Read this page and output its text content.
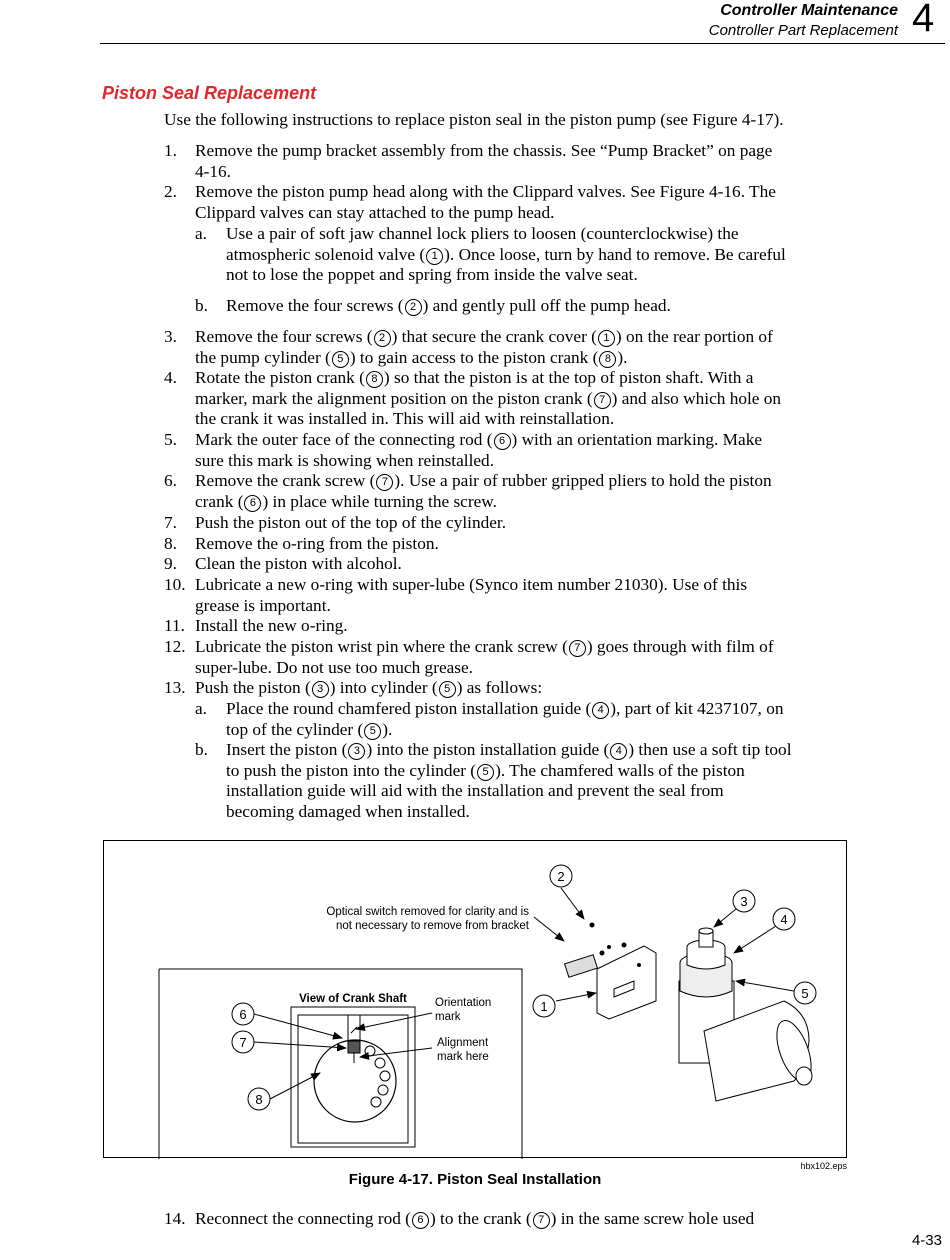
Controller Maintenance
Controller Part Replacement 4
Piston Seal Replacement
Use the following instructions to replace piston seal in the piston pump (see Figure 4-17).
1. Remove the pump bracket assembly from the chassis. See “Pump Bracket” on page
4-16.
2. Remove the piston pump head along with the Clippard valves. See Figure 4-16. The
Clippard valves can stay attached to the pump head.
a. Use a pair of soft jaw channel lock pliers to loosen (counterclockwise) the
atmospheric solenoid valve ( 1 ). Once loose, turn by hand to remove. Be careful
not to lose the poppet and spring from inside the valve seat.
b. Remove the four screws ( 2 ) and gently pull off the pump head.
3. Remove the four screws ( 2 ) that secure the crank cover ( 1 ) on the rear portion of
the pump cylinder ( 5 ) to gain access to the piston crank ( 8 ).
4. Rotate the piston crank ( 8 ) so that the piston is at the top of piston shaft. With a
marker, mark the alignment position on the piston crank ( 7 ) and also which hole on
the crank it was installed in. This will aid with reinstallation.
5. Mark the outer face of the connecting rod ( 6 ) with an orientation marking. Make
sure this mark is showing when reinstalled.
6. Remove the crank screw ( 7 ). Use a pair of rubber gripped pliers to hold the piston
crank ( 6 ) in place while turning the screw.
7. Push the piston out of the top of the cylinder.
8. Remove the o-ring from the piston.
9. Clean the piston with alcohol.
10. Lubricate a new o-ring with super-lube (Synco item number 21030). Use of this
grease is important.
11. Install the new o-ring.
12. Lubricate the piston wrist pin where the crank screw ( 7 ) goes through with film of
super-lube. Do not use too much grease.
13. Push the piston ( 3 ) into cylinder ( 5 ) as follows:
a. Place the round chamfered piston installation guide ( 4 ), part of kit 4237107, on
top of the cylinder ( 5 ).
b. Insert the piston ( 3 ) into the piston installation guide ( 4 ) then use a soft tip tool
to push the piston into the cylinder ( 5 ). The chamfered walls of the piston
installation guide will aid with the installation and prevent the seal from
becoming damaged when installed.
2
3
4
5
1
6
7
8
Optical switch removed for clarity and is
not necessary to remove from bracket
View of Crank Shaft Orientation
mark
Alignment
mark here
hbx102.eps
Figure 4-17. Piston Seal Installation
14. Reconnect the connecting rod ( 6 ) to the crank ( 7 ) in the same screw hole used
4-33
